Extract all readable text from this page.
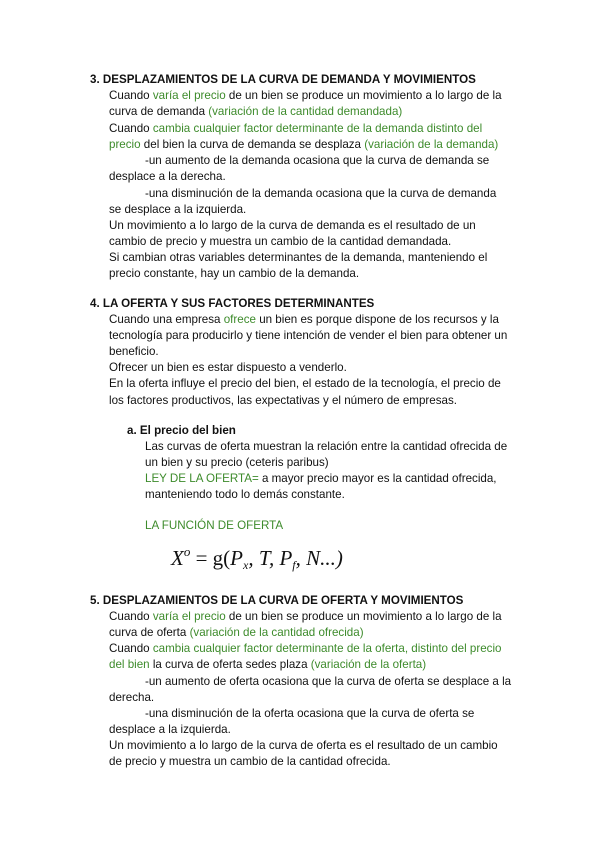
3. DESPLAZAMIENTOS DE LA CURVA DE DEMANDA Y MOVIMIENTOS
Cuando varía el precio de un bien se produce un movimiento a lo largo de la
curva de demanda (variación de la cantidad demandada)
Cuando cambia cualquier factor determinante de la demanda distinto del
precio del bien la curva de demanda se desplaza (variación de la demanda)
-un aumento de la demanda ocasiona que la curva de demanda se
desplace a la derecha.
-una disminución de la demanda ocasiona que la curva de demanda
se desplace a la izquierda.
Un movimiento a lo largo de la curva de demanda es el resultado de un
cambio de precio y muestra un cambio de la cantidad demandada.
Si cambian otras variables determinantes de la demanda, manteniendo el
precio constante, hay un cambio de la demanda.
4. LA OFERTA Y SUS FACTORES DETERMINANTES
Cuando una empresa ofrece un bien es porque dispone de los recursos y la
tecnología para producirlo y tiene intención de vender el bien para obtener un
beneficio.
Ofrecer un bien es estar dispuesto a venderlo.
En la oferta influye el precio del bien, el estado de la tecnología, el precio de
los factores productivos, las expectativas y el número de empresas.
a. El precio del bien
Las curvas de oferta muestran la relación entre la cantidad ofrecida de
un bien y su precio (ceteris paribus)
LEY DE LA OFERTA= a mayor precio mayor es la cantidad ofrecida,
manteniendo todo lo demás constante.
LA FUNCIÓN DE OFERTA
$X^o = g(P_x$, T, $P_f$, N...)
5. DESPLAZAMIENTOS DE LA CURVA DE OFERTA Y MOVIMIENTOS
Cuando varía el precio de un bien se produce un movimiento a lo largo de la
curva de oferta (variación de la cantidad ofrecida)
Cuando cambia cualquier factor determinante de la oferta, distinto del precio
del bien la curva de oferta sedes plaza (variación de la oferta)
-un aumento de oferta ocasiona que la curva de oferta se desplace a la
derecha.
-una disminución de la oferta ocasiona que la curva de oferta se
desplace a la izquierda.
Un movimiento a lo largo de la curva de oferta es el resultado de un cambio
de precio y muestra un cambio de la cantidad ofrecida.
